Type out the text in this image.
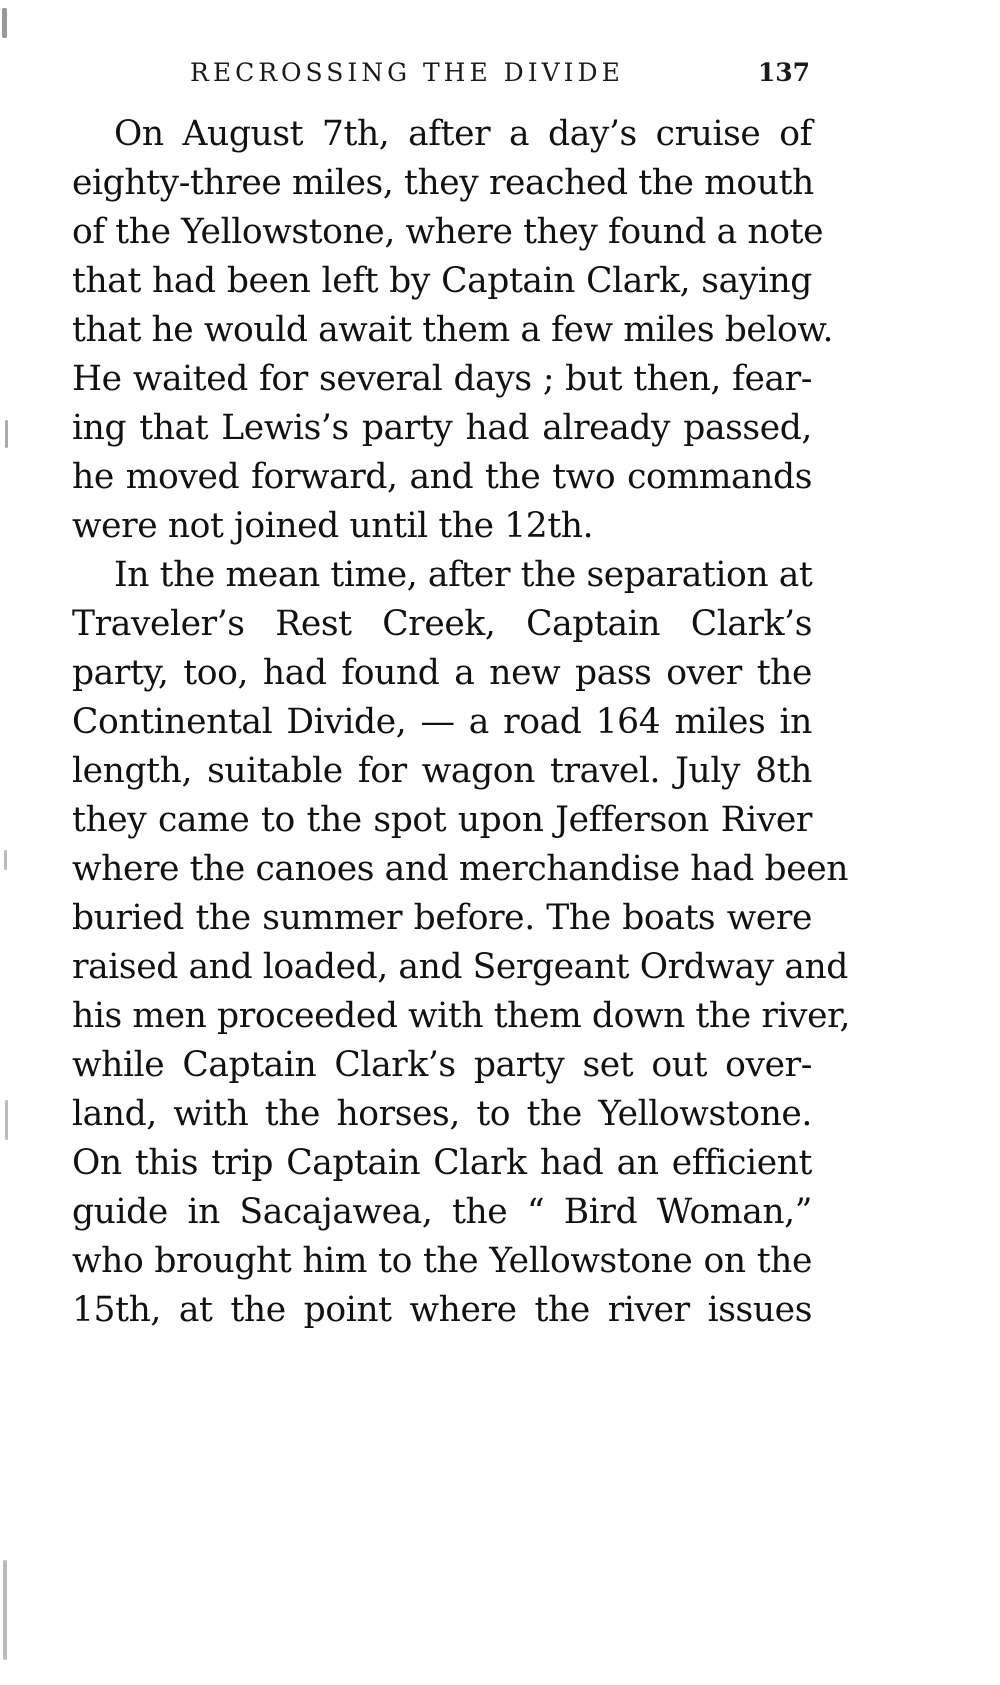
RECROSSING THE DIVIDE	137
On August 7th, after a day’s cruise of
eighty-three miles, they reached the mouth
of the Yellowstone, where they found a note
that had been left by Captain Clark, saying
that he would await them a few miles below.
He waited for several days ; but then, fear-
ing that Lewis’s party had already passed,
he moved forward, and the two commands
were not joined until the 12th.
In the mean time, after the separation at
Traveler’s Rest Creek, Captain Clark’s
party, too, had found a new pass over the
Continental Divide, — a road 164 miles in
length, suitable for wagon travel. July 8th
they came to the spot upon Jefferson River
where the canoes and merchandise had been
buried the summer before. The boats were
raised and loaded, and Sergeant Ordway and
his men proceeded with them down the river,
while Captain Clark’s party set out over-
land, with the horses, to the Yellowstone.
On this trip Captain Clark had an efficient
guide in Sacajawea, the “ Bird Woman,”
who brought him to the Yellowstone on the
15th, at the point where the river issues
